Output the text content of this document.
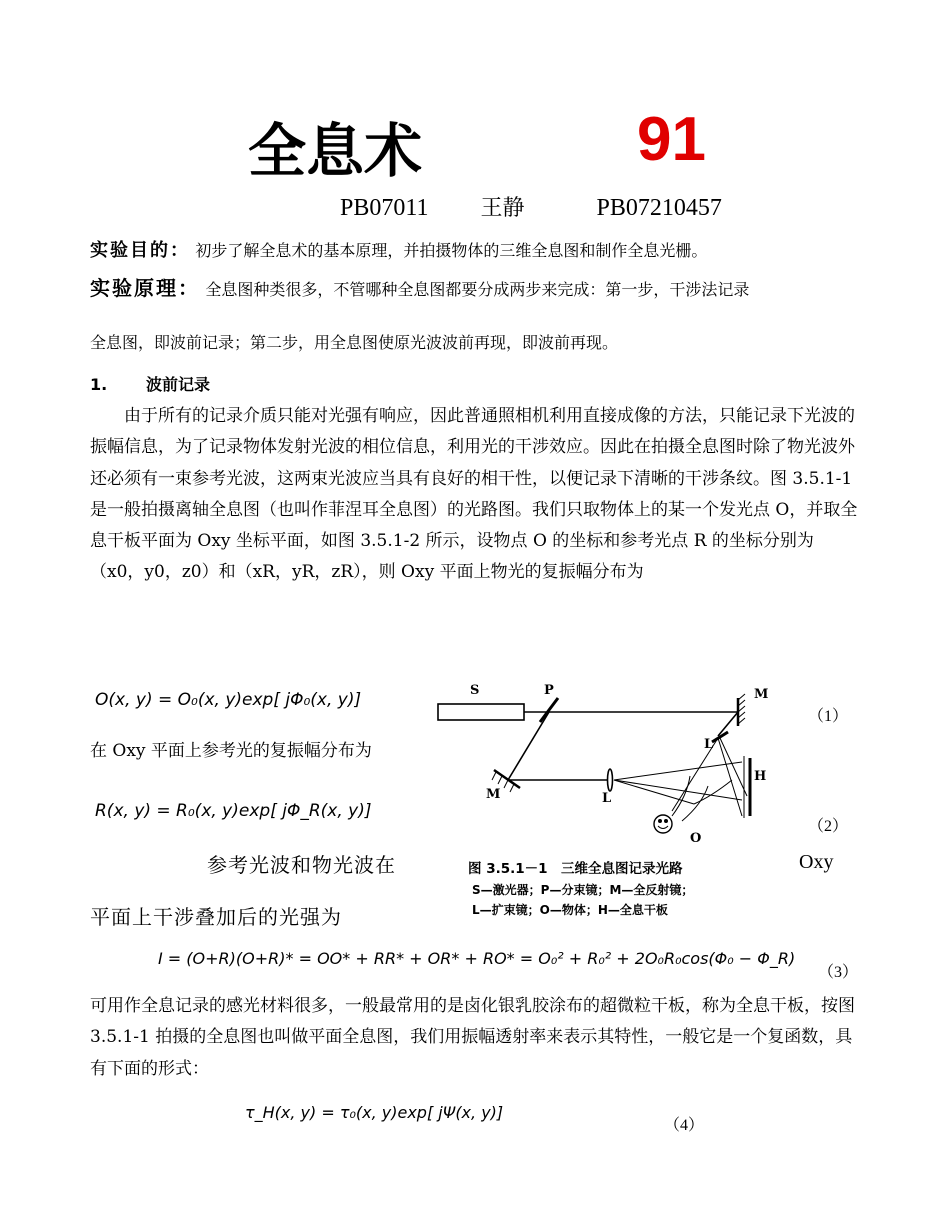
全息术	91
PB07011 王静	PB07210457
实验目的： 初步了解全息术的基本原理，并拍摄物体的三维全息图和制作全息光栅。
实验原理： 全息图种类很多，不管哪种全息图都要分成两步来完成：第一步，干涉法记录
全息图，即波前记录；第二步，用全息图使原光波波前再现，即波前再现。
1. 波前记录
由于所有的记录介质只能对光强有响应，因此普通照相机利用直接成像的方法，只能记录下光波的振幅信息，为了记录物体发射光波的相位信息，利用光的干涉效应。因此在拍摄全息图时除了物光波外还必须有一束参考光波，这两束光波应当具有良好的相干性，以便记录下清晰的干涉条纹。图 3.5.1-1 是一般拍摄离轴全息图（也叫作菲涅耳全息图）的光路图。我们只取物体上的某一个发光点 O，并取全息干板平面为 Oxy 坐标平面，如图 3.5.1-2 所示，设物点 O 的坐标和参考光点 R 的坐标分别为（x0，y0，z0）和（xR，yR，zR），则 Oxy 平面上物光的复振幅分布为
O(x, y) = O₀(x, y)exp[ jΦ₀(x, y)]
（1）
在 Oxy 平面上参考光的复振幅分布为
R(x, y) = R₀(x, y)exp[ jΦ_R(x, y)]
（2）
参考光波和物光波在	Oxy
平面上干涉叠加后的光强为
I = (O+R)(O+R)* = OO* + RR* + OR* + RO* = O₀² + R₀² + 2O₀R₀cos(Φ₀ − Φ_R)
（3）
可用作全息记录的感光材料很多，一般最常用的是卤化银乳胶涂布的超微粒干板，称为全息干板，按图 3.5.1-1 拍摄的全息图也叫做平面全息图，我们用振幅透射率来表示其特性，一般它是一个复函数，具有下面的形式：
τ_H(x, y) = τ₀(x, y)exp[ jΨ(x, y)]
（4）
S	P	M
M	L
L
H
O
图 3.5.1－1　三维全息图记录光路
S—激光器；P—分束镜；M—全反射镜；
L—扩束镜；O—物体；H—全息干板
